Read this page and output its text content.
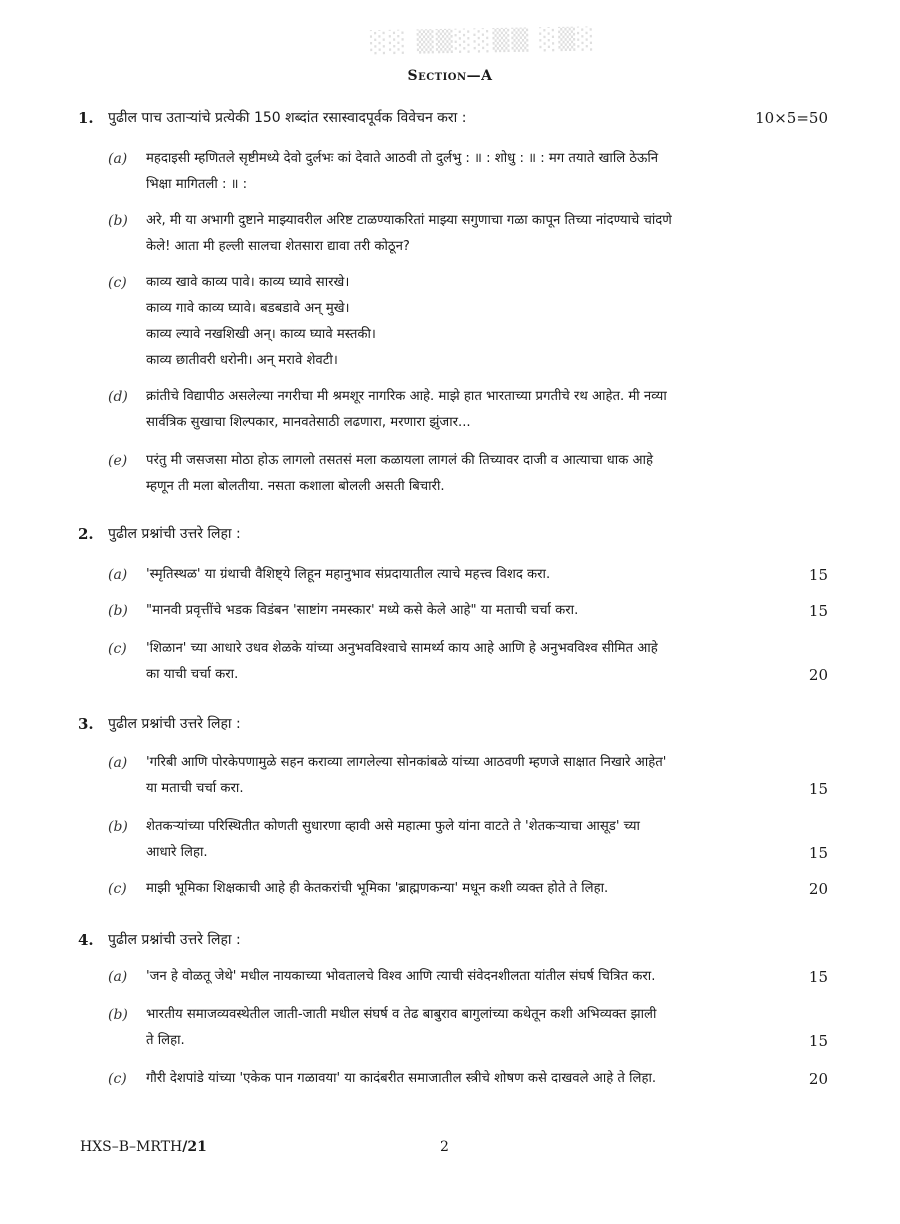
░░ ▒▒░░▒▒ ░▒░
Section—A
1. पुढील पाच उताऱ्यांचे प्रत्येकी 150 शब्दांत रसास्वादपूर्वक विवेचन करा :	10×5=50
(a) महदाइसी म्हणितले सृष्टीमध्ये देवो दुर्लभः कां देवाते आठवी तो दुर्लभु : ॥ : शोधु : ॥ : मग तयाते खालि ठेऊनि
भिक्षा मागितली : ॥ :
(b) अरे, मी या अभागी दुष्टाने माझ्यावरील अरिष्ट टाळण्याकरितां माझ्या सगुणाचा गळा कापून तिच्या नांदण्याचे चांदणे
केले! आता मी हल्ली सालचा शेतसारा द्यावा तरी कोठून?
(c) काव्य खावे काव्य पावे। काव्य घ्यावे सारखे।
काव्य गावे काव्य घ्यावे। बडबडावे अन् मुखे।
काव्य ल्यावे नखशिखी अन्। काव्य घ्यावे मस्तकी।
काव्य छातीवरी धरोनी। अन् मरावे शेवटी।
(d) क्रांतीचे विद्यापीठ असलेल्या नगरीचा मी श्रमशूर नागरिक आहे. माझे हात भारताच्या प्रगतीचे रथ आहेत. मी नव्या
सार्वत्रिक सुखाचा शिल्पकार, मानवतेसाठी लढणारा, मरणारा झुंजार...
(e) परंतु मी जसजसा मोठा होऊ लागलो तसतसं मला कळायला लागलं की तिच्यावर दाजी व आत्याचा धाक आहे
म्हणून ती मला बोलतीया. नसता कशाला बोलली असती बिचारी.
2. पुढील प्रश्नांची उत्तरे लिहा :
(a) 'स्मृतिस्थळ' या ग्रंथाची वैशिष्ट्ये लिहून महानुभाव संप्रदायातील त्याचे महत्त्व विशद करा.	15
(b) "मानवी प्रवृत्तींचे भडक विडंबन 'साष्टांग नमस्कार' मध्ये कसे केले आहे" या मताची चर्चा करा.	15
(c) 'शिळान' च्या आधारे उधव शेळके यांच्या अनुभवविश्वाचे सामर्थ्य काय आहे आणि हे अनुभवविश्व सीमित आहे
का याची चर्चा करा.	20
3. पुढील प्रश्नांची उत्तरे लिहा :
(a) 'गरिबी आणि पोरकेपणामुळे सहन कराव्या लागलेल्या सोनकांबळे यांच्या आठवणी म्हणजे साक्षात निखारे आहेत'
या मताची चर्चा करा.	15
(b) शेतकऱ्यांच्या परिस्थितीत कोणती सुधारणा व्हावी असे महात्मा फुले यांना वाटते ते 'शेतकऱ्याचा आसूड' च्या
आधारे लिहा.	15
(c) माझी भूमिका शिक्षकाची आहे ही केतकरांची भूमिका 'ब्राह्मणकन्या' मधून कशी व्यक्त होते ते लिहा.	20
4. पुढील प्रश्नांची उत्तरे लिहा :
(a) 'जन हे वोळतू जेथे' मधील नायकाच्या भोवतालचे विश्व आणि त्याची संवेदनशीलता यांतील संघर्ष चित्रित करा.	15
(b) भारतीय समाजव्यवस्थेतील जाती-जाती मधील संघर्ष व तेढ बाबुराव बागुलांच्या कथेतून कशी अभिव्यक्त झाली
ते लिहा.	15
(c) गौरी देशपांडे यांच्या 'एकेक पान गळावया' या कादंबरीत समाजातील स्त्रीचे शोषण कसे दाखवले आहे ते लिहा.	20
HXS–B–MRTH/21	2
